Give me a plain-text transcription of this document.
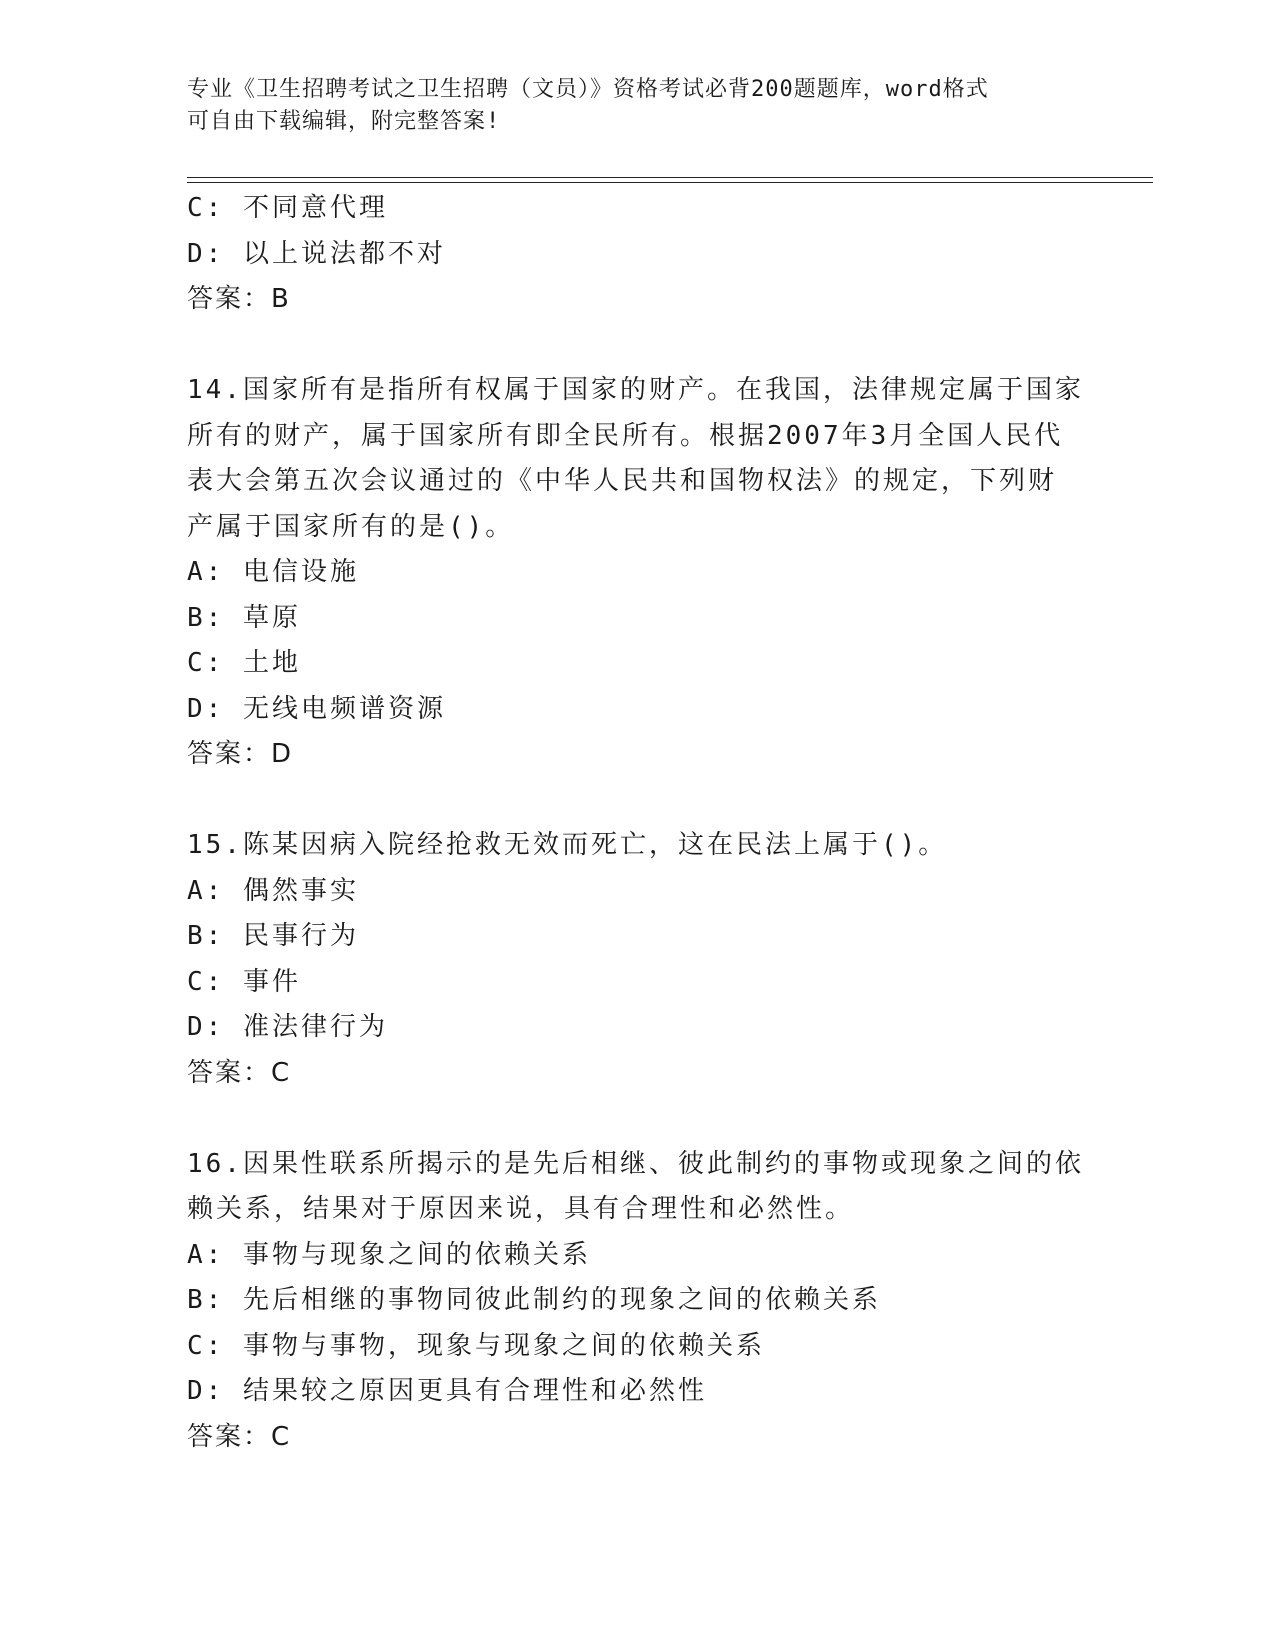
专业《卫生招聘考试之卫生招聘（文员）》资格考试必背200题题库，word格式
可自由下载编辑，附完整答案!
C: 不同意代理
D: 以上说法都不对
答案：B
14.国家所有是指所有权属于国家的财产。在我国，法律规定属于国家
所有的财产，属于国家所有即全民所有。根据2007年3月全国人民代
表大会第五次会议通过的《中华人民共和国物权法》的规定，下列财
产属于国家所有的是()。
A: 电信设施
B: 草原
C: 土地
D: 无线电频谱资源
答案：D
15.陈某因病入院经抢救无效而死亡，这在民法上属于()。
A: 偶然事实
B: 民事行为
C: 事件
D: 准法律行为
答案：C
16.因果性联系所揭示的是先后相继、彼此制约的事物或现象之间的依
赖关系，结果对于原因来说，具有合理性和必然性。
A: 事物与现象之间的依赖关系
B: 先后相继的事物同彼此制约的现象之间的依赖关系
C: 事物与事物，现象与现象之间的依赖关系
D: 结果较之原因更具有合理性和必然性
答案：C
